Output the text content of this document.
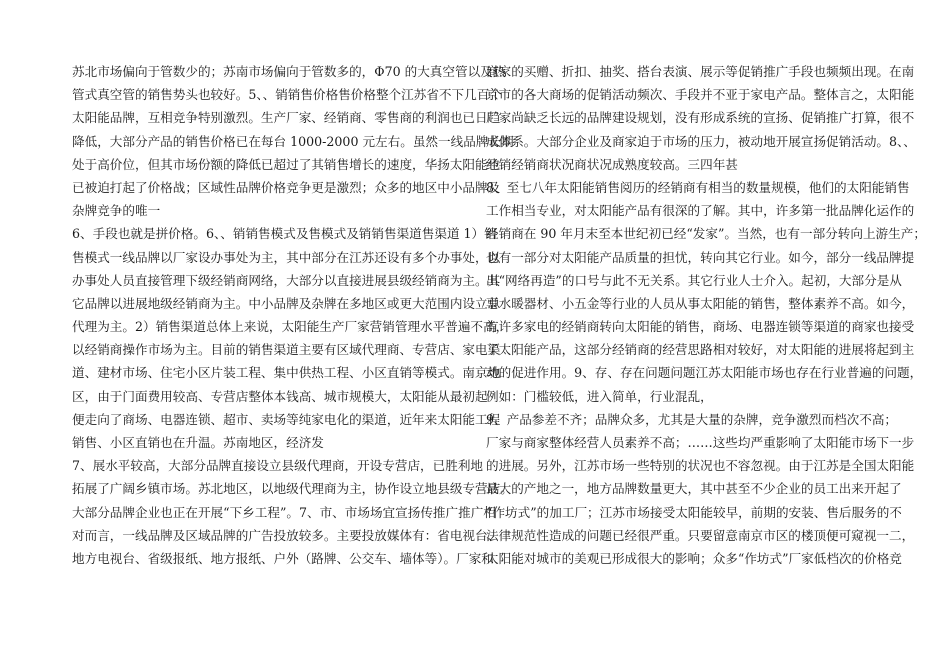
苏北市场偏向于管数少的；苏南市场偏向于管数多的，Φ70 的大真空管以及热
管式真空管的销售势头也较好。5、、销销售价格售价格整个江苏省不下几百个
太阳能品牌，互相竞争特别激烈。生产厂家、经销商、零售商的利润也已日趋
降低，大部分产品的销售价格已在每台 1000-2000 元左右。虽然一线品牌长期
处于高价位，但其市场份额的降低已超过了其销售增长的速度，华扬太阳能也
已被迫打起了价格战；区域性品牌价格竞争更是激烈；众多的地区中小品牌及
杂牌竞争的唯一
6、手段也就是拼价格。6、、销销售模式及售模式及销销售渠道售渠道 1）销
售模式一线品牌以厂家设办事处为主，其中部分在江苏还设有多个办事处，以
办事处人员直接管理下级经销商网络，大部分以直接进展县级经销商为主。其
它品牌以进展地级经销商为主。中小品牌及杂牌在多地区或更大范围内设立总
代理为主。2）销售渠道总体上来说，太阳能生产厂家营销管理水平普遍不高，
以经销商操作市场为主。目前的销售渠道主要有区域代理商、专营店、家电渠
道、建材市场、住宅小区片装工程、集中供热工程、小区直销等模式。南京地
区，由于门面费用较高、专营店整体本钱高、城市规模大，太阳能从最初起
便走向了商场、电器连锁、超市、卖场等纯家电化的渠道，近年来太阳能工程
销售、小区直销也在升温。苏南地区，经济发
7、展水平较高，大部分品牌直接设立县级代理商，开设专营店，已胜利地
拓展了广阔乡镇市场。苏北地区，以地级代理商为主，协作设立地县级专营店。
大部分品牌企业也正在开展“下乡工程”。7、市、市场场宜宣扬传推广推广相
对而言，一线品牌及区域品牌的广告投放较多。主要投放媒体有：省电视台、
地方电视台、省级报纸、地方报纸、户外（路牌、公交车、墙体等）。厂家和
商家的买赠、折扣、抽奖、搭台表演、展示等促销推广手段也频频出现。在南
京市的各大商场的促销活动频次、手段并不亚于家电产品。整体言之，太阳能
厂家尚缺乏长远的品牌建设规划，没有形成系统的宣扬、促销推广打算，很不
成体系。大部分企业及商家迫于市场的压力，被动地开展宣扬促销活动。8、、
经销经销商状况商状况成熟度较高。三四年甚
8、至七八年太阳能销售阅历的经销商有相当的数量规模，他们的太阳能销售
工作相当专业，对太阳能产品有很深的了解。其中，许多第一批品牌化运作的
经销商在 90 年月末至本世纪初已经“发家”。当然，也有一部分转向上游生产；
也有一部分对太阳能产品质量的担忧，转向其它行业。如今，部分一线品牌提
出“网络再造”的口号与此不无关系。其它行业人士介入。起初，大部分是从
事水暖器材、小五金等行业的人员从事太阳能的销售，整体素养不高。如今，
有许多家电的经销商转向太阳能的销售，商场、电器连锁等渠道的商家也接受
了太阳能产品，这部分经销商的经营思路相对较好，对太阳能的进展将起到主
动的促进作用。9、存、存在问题问题江苏太阳能市场也存在行业普遍的问题，
例如：门槛较低，进入简单，行业混乱，
9、产品参差不齐；品牌众多，尤其是大量的杂牌，竞争激烈而档次不高；
厂家与商家整体经营人员素养不高；……这些均严重影响了太阳能市场下一步
的进展。另外，江苏市场一些特别的状况也不容忽视。由于江苏是全国太阳能
最大的产地之一，地方品牌数量更大，其中甚至不少企业的员工出来开起了
“作坊式”的加工厂；江苏市场接受太阳能较早，前期的安装、售后服务的不
法律规范性造成的问题已经很严重。只要留意南京市区的楼顶便可窥视一二，
太阳能对城市的美观已形成很大的影响；众多“作坊式”厂家低档次的价格竞
